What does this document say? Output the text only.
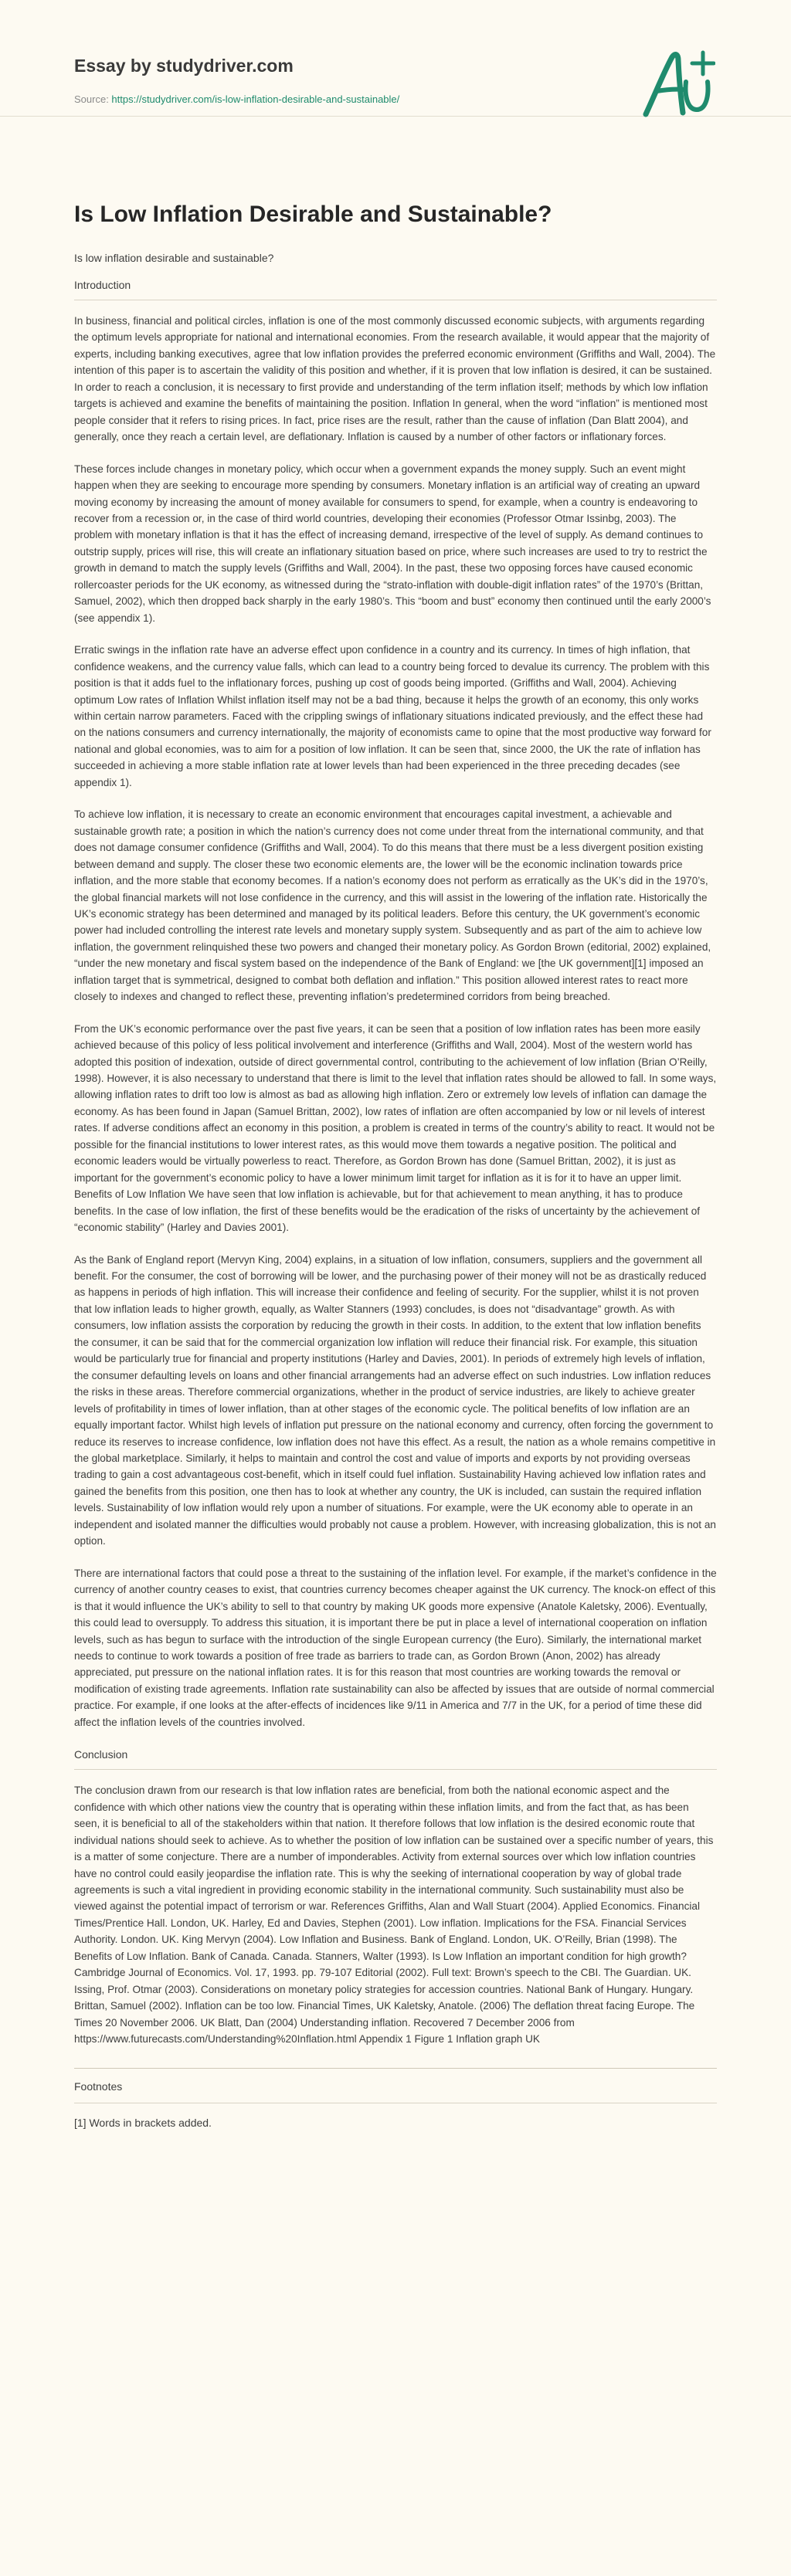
Essay by studydriver.com
Source: https://studydriver.com/is-low-inflation-desirable-and-sustainable/
Is Low Inflation Desirable and Sustainable?
Is low inflation desirable and sustainable?
Introduction

In business, financial and political circles, inflation is one of the most commonly discussed economic subjects, with arguments regarding the optimum levels appropriate for national and international economies. From the research available, it would appear that the majority of experts, including banking executives, agree that low inflation provides the preferred economic environment (Griffiths and Wall, 2004). The intention of this paper is to ascertain the validity of this position and whether, if it is proven that low inflation is desired, it can be sustained. In order to reach a conclusion, it is necessary to first provide and understanding of the term inflation itself; methods by which low inflation targets is achieved and examine the benefits of maintaining the position. Inflation In general, when the word “inflation” is mentioned most people consider that it refers to rising prices. In fact, price rises are the result, rather than the cause of inflation (Dan Blatt 2004), and generally, once they reach a certain level, are deflationary. Inflation is caused by a number of other factors or inflationary forces.

These forces include changes in monetary policy, which occur when a government expands the money supply. Such an event might happen when they are seeking to encourage more spending by consumers. Monetary inflation is an artificial way of creating an upward moving economy by increasing the amount of money available for consumers to spend, for example, when a country is endeavoring to recover from a recession or, in the case of third world countries, developing their economies (Professor Otmar Issinbg, 2003). The problem with monetary inflation is that it has the effect of increasing demand, irrespective of the level of supply. As demand continues to outstrip supply, prices will rise, this will create an inflationary situation based on price, where such increases are used to try to restrict the growth in demand to match the supply levels (Griffiths and Wall, 2004). In the past, these two opposing forces have caused economic rollercoaster periods for the UK economy, as witnessed during the “strato-inflation with double-digit inflation rates” of the 1970’s (Brittan, Samuel, 2002), which then dropped back sharply in the early 1980’s. This “boom and bust” economy then continued until the early 2000’s (see appendix 1).

Erratic swings in the inflation rate have an adverse effect upon confidence in a country and its currency. In times of high inflation, that confidence weakens, and the currency value falls, which can lead to a country being forced to devalue its currency. The problem with this position is that it adds fuel to the inflationary forces, pushing up cost of goods being imported. (Griffiths and Wall, 2004). Achieving optimum Low rates of Inflation Whilst inflation itself may not be a bad thing, because it helps the growth of an economy, this only works within certain narrow parameters. Faced with the crippling swings of inflationary situations indicated previously, and the effect these had on the nations consumers and currency internationally, the majority of economists came to opine that the most productive way forward for national and global economies, was to aim for a position of low inflation. It can be seen that, since 2000, the UK the rate of inflation has succeeded in achieving a more stable inflation rate at lower levels than had been experienced in the three preceding decades (see appendix 1).

To achieve low inflation, it is necessary to create an economic environment that encourages capital investment, a achievable and sustainable growth rate; a position in which the nation’s currency does not come under threat from the international community, and that does not damage consumer confidence (Griffiths and Wall, 2004). To do this means that there must be a less divergent position existing between demand and supply. The closer these two economic elements are, the lower will be the economic inclination towards price inflation, and the more stable that economy becomes. If a nation’s economy does not perform as erratically as the UK’s did in the 1970’s, the global financial markets will not lose confidence in the currency, and this will assist in the lowering of the inflation rate. Historically the UK’s economic strategy has been determined and managed by its political leaders. Before this century, the UK government’s economic power had included controlling the interest rate levels and monetary supply system. Subsequently and as part of the aim to achieve low inflation, the government relinquished these two powers and changed their monetary policy. As Gordon Brown (editorial, 2002) explained, “under the new monetary and fiscal system based on the independence of the Bank of England: we [the UK government][1] imposed an inflation target that is symmetrical, designed to combat both deflation and inflation.” This position allowed interest rates to react more closely to indexes and changed to reflect these, preventing inflation’s predetermined corridors from being breached.

From the UK’s economic performance over the past five years, it can be seen that a position of low inflation rates has been more easily achieved because of this policy of less political involvement and interference (Griffiths and Wall, 2004). Most of the western world has adopted this position of indexation, outside of direct governmental control, contributing to the achievement of low inflation (Brian O’Reilly, 1998). However, it is also necessary to understand that there is limit to the level that inflation rates should be allowed to fall. In some ways, allowing inflation rates to drift too low is almost as bad as allowing high inflation. Zero or extremely low levels of inflation can damage the economy. As has been found in Japan (Samuel Brittan, 2002), low rates of inflation are often accompanied by low or nil levels of interest rates. If adverse conditions affect an economy in this position, a problem is created in terms of the country’s ability to react. It would not be possible for the financial institutions to lower interest rates, as this would move them towards a negative position. The political and economic leaders would be virtually powerless to react. Therefore, as Gordon Brown has done (Samuel Brittan, 2002), it is just as important for the government’s economic policy to have a lower minimum limit target for inflation as it is for it to have an upper limit. Benefits of Low Inflation We have seen that low inflation is achievable, but for that achievement to mean anything, it has to produce benefits. In the case of low inflation, the first of these benefits would be the eradication of the risks of uncertainty by the achievement of “economic stability” (Harley and Davies 2001).

As the Bank of England report (Mervyn King, 2004) explains, in a situation of low inflation, consumers, suppliers and the government all benefit. For the consumer, the cost of borrowing will be lower, and the purchasing power of their money will not be as drastically reduced as happens in periods of high inflation. This will increase their confidence and feeling of security. For the supplier, whilst it is not proven that low inflation leads to higher growth, equally, as Walter Stanners (1993) concludes, is does not “disadvantage” growth. As with consumers, low inflation assists the corporation by reducing the growth in their costs. In addition, to the extent that low inflation benefits the consumer, it can be said that for the commercial organization low inflation will reduce their financial risk. For example, this situation would be particularly true for financial and property institutions (Harley and Davies, 2001). In periods of extremely high levels of inflation, the consumer defaulting levels on loans and other financial arrangements had an adverse effect on such industries. Low inflation reduces the risks in these areas. Therefore commercial organizations, whether in the product of service industries, are likely to achieve greater levels of profitability in times of lower inflation, than at other stages of the economic cycle. The political benefits of low inflation are an equally important factor. Whilst high levels of inflation put pressure on the national economy and currency, often forcing the government to reduce its reserves to increase confidence, low inflation does not have this effect. As a result, the nation as a whole remains competitive in the global marketplace. Similarly, it helps to maintain and control the cost and value of imports and exports by not providing overseas trading to gain a cost advantageous cost-benefit, which in itself could fuel inflation. Sustainability Having achieved low inflation rates and gained the benefits from this position, one then has to look at whether any country, the UK is included, can sustain the required inflation levels. Sustainability of low inflation would rely upon a number of situations. For example, were the UK economy able to operate in an independent and isolated manner the difficulties would probably not cause a problem. However, with increasing globalization, this is not an option.

There are international factors that could pose a threat to the sustaining of the inflation level. For example, if the market’s confidence in the currency of another country ceases to exist, that countries currency becomes cheaper against the UK currency. The knock-on effect of this is that it would influence the UK’s ability to sell to that country by making UK goods more expensive (Anatole Kaletsky, 2006). Eventually, this could lead to oversupply. To address this situation, it is important there be put in place a level of international cooperation on inflation levels, such as has begun to surface with the introduction of the single European currency (the Euro). Similarly, the international market needs to continue to work towards a position of free trade as barriers to trade can, as Gordon Brown (Anon, 2002) has already appreciated, put pressure on the national inflation rates. It is for this reason that most countries are working towards the removal or modification of existing trade agreements. Inflation rate sustainability can also be affected by issues that are outside of normal commercial practice. For example, if one looks at the after-effects of incidences like 9/11 in America and 7/7 in the UK, for a period of time these did affect the inflation levels of the countries involved.

Conclusion

The conclusion drawn from our research is that low inflation rates are beneficial, from both the national economic aspect and the confidence with which other nations view the country that is operating within these inflation limits, and from the fact that, as has been seen, it is beneficial to all of the stakeholders within that nation. It therefore follows that low inflation is the desired economic route that individual nations should seek to achieve. As to whether the position of low inflation can be sustained over a specific number of years, this is a matter of some conjecture. There are a number of imponderables. Activity from external sources over which low inflation countries have no control could easily jeopardise the inflation rate. This is why the seeking of international cooperation by way of global trade agreements is such a vital ingredient in providing economic stability in the international community. Such sustainability must also be viewed against the potential impact of terrorism or war. References Griffiths, Alan and Wall Stuart (2004). Applied Economics. Financial Times/Prentice Hall. London, UK. Harley, Ed and Davies, Stephen (2001). Low inflation. Implications for the FSA. Financial Services Authority. London. UK. King Mervyn (2004). Low Inflation and Business. Bank of England. London, UK. O’Reilly, Brian (1998). The Benefits of Low Inflation. Bank of Canada. Canada. Stanners, Walter (1993). Is Low Inflation an important condition for high growth? Cambridge Journal of Economics. Vol. 17, 1993. pp. 79-107 Editorial (2002). Full text: Brown’s speech to the CBI. The Guardian. UK. Issing, Prof. Otmar (2003). Considerations on monetary policy strategies for accession countries. National Bank of Hungary. Hungary. Brittan, Samuel (2002). Inflation can be too low. Financial Times, UK Kaletsky, Anatole. (2006) The deflation threat facing Europe. The Times 20 November 2006. UK Blatt, Dan (2004) Understanding inflation. Recovered 7 December 2006 from https://www.futurecasts.com/Understanding%20Inflation.html Appendix 1 Figure 1 Inflation graph UK

Footnotes
[1] Words in brackets added.
